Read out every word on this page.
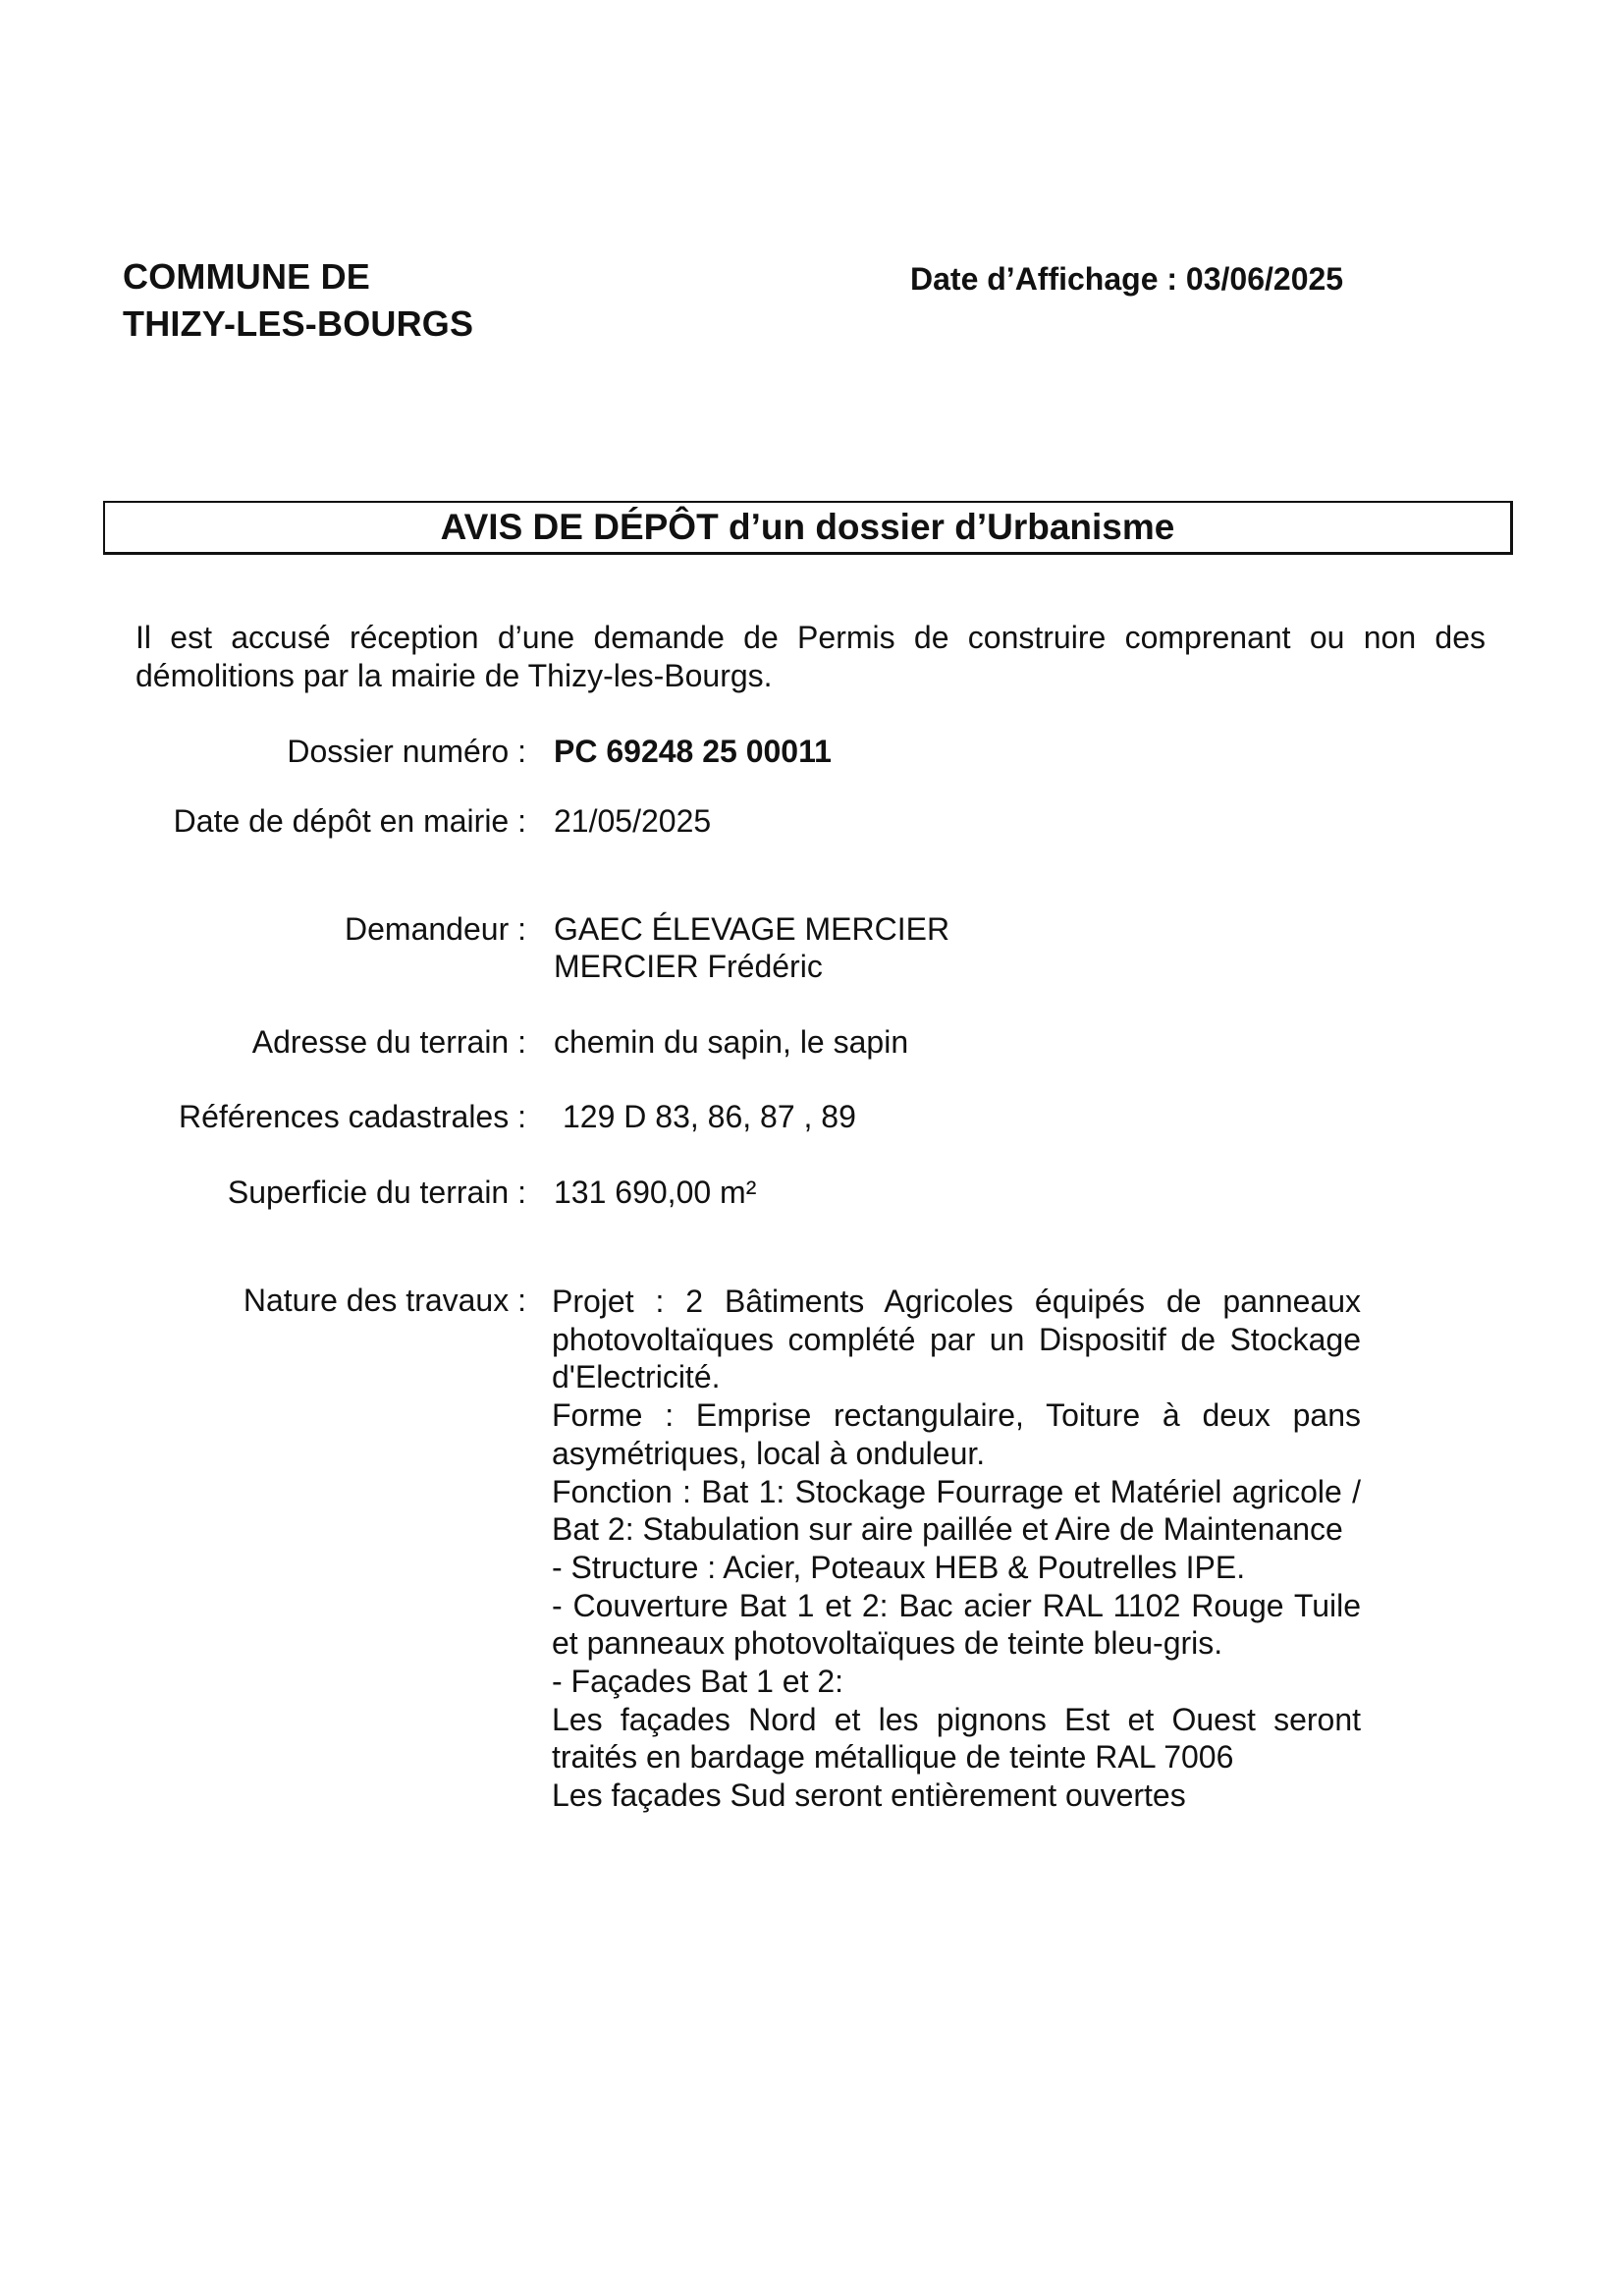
COMMUNE DE
THIZY-LES-BOURGS
Date d’Affichage : 03/06/2025
AVIS DE DÉPÔT d’un dossier d’Urbanisme
Il est accusé réception d’une demande de Permis de construire comprenant ou non des démolitions par la mairie de Thizy-les-Bourgs.
Dossier numéro : PC 69248 25 00011
Date de dépôt en mairie : 21/05/2025
Demandeur : GAEC ÉLEVAGE MERCIER
MERCIER Frédéric
Adresse du terrain : chemin du sapin, le sapin
Références cadastrales : 129 D 83, 86, 87 , 89
Superficie du terrain : 131 690,00 m²
Nature des travaux : Projet : 2 Bâtiments Agricoles équipés de panneaux photovoltaïques complété par un Dispositif de Stockage d'Electricité.
Forme : Emprise rectangulaire, Toiture à deux pans asymétriques, local à onduleur.
Fonction : Bat 1: Stockage Fourrage et Matériel agricole / Bat 2: Stabulation sur aire paillée et Aire de Maintenance
- Structure : Acier, Poteaux HEB & Poutrelles IPE.
- Couverture Bat 1 et 2: Bac acier RAL 1102 Rouge Tuile et panneaux photovoltaïques de teinte bleu-gris.
- Façades Bat 1 et 2:
Les façades Nord et les pignons Est et Ouest seront traités en bardage métallique de teinte RAL 7006
Les façades Sud seront entièrement ouvertes
